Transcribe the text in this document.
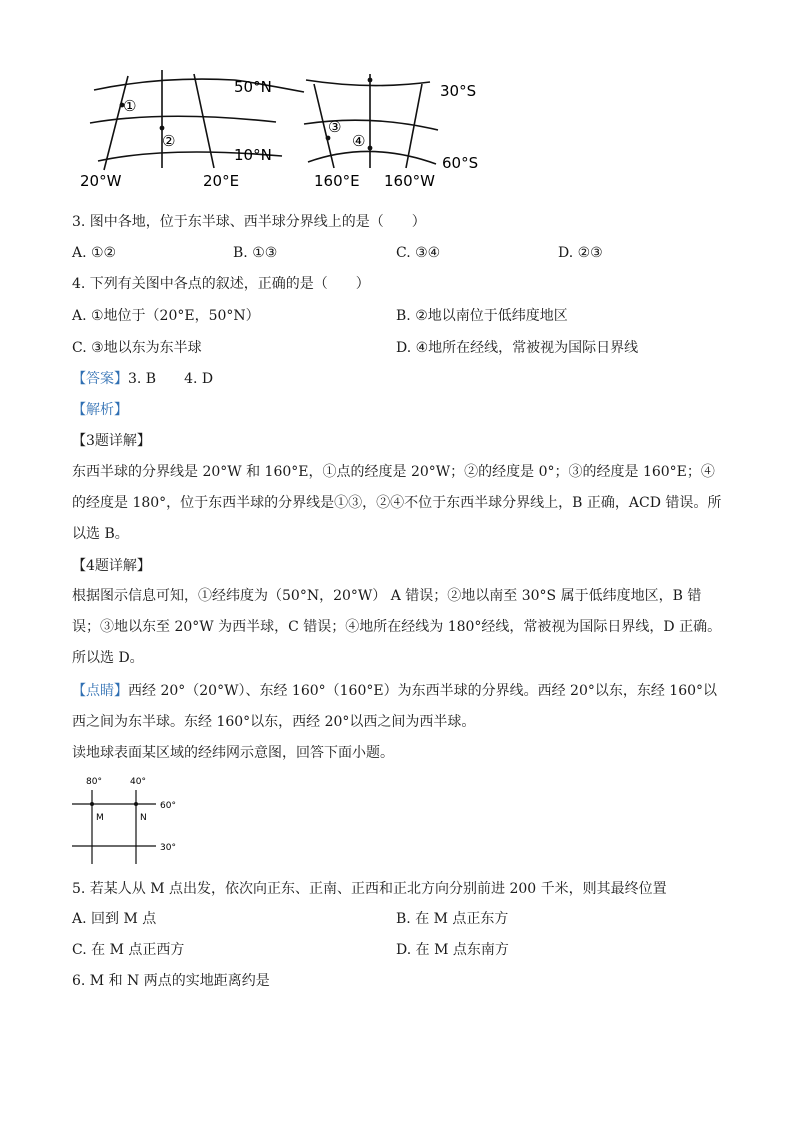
①
②
50°N
10°N
20°W	20°E
③
④
30°S
60°S
160°E 160°W
3. 图中各地，位于东半球、西半球分界线上的是（　　）
A. ①②	B. ①③	C. ③④	D. ②③
4. 下列有关图中各点的叙述，正确的是（　　）
A. ①地位于（20°E，50°N）	B. ②地以南位于低纬度地区
C. ③地以东为东半球	D. ④地所在经线，常被视为国际日界线
【答案】3. B　　4. D
【解析】
【3题详解】
东西半球的分界线是 20°W 和 160°E，①点的经度是 20°W；②的经度是 0°；③的经度是 160°E；④的经度是 180°，位于东西半球的分界线是①③，②④不位于东西半球分界线上，B 正确，ACD 错误。所以选 B。
【4题详解】
根据图示信息可知，①经纬度为（50°N，20°W） A 错误；②地以南至 30°S 属于低纬度地区，B 错误；③地以东至 20°W 为西半球，C 错误；④地所在经线为 180°经线，常被视为国际日界线，D 正确。所以选 D。
【点睛】西经 20°（20°W）、东经 160°（160°E）为东西半球的分界线。西经 20°以东，东经 160°以西之间为东半球。东经 160°以东，西经 20°以西之间为西半球。
读地球表面某区域的经纬网示意图，回答下面小题。
80°	40°
60°
30°
M	N
5. 若某人从 M 点出发，依次向正东、正南、正西和正北方向分别前进 200 千米，则其最终位置
A. 回到 M 点	B. 在 M 点正东方
C. 在 M 点正西方	D. 在 M 点东南方
6. M 和 N 两点的实地距离约是
